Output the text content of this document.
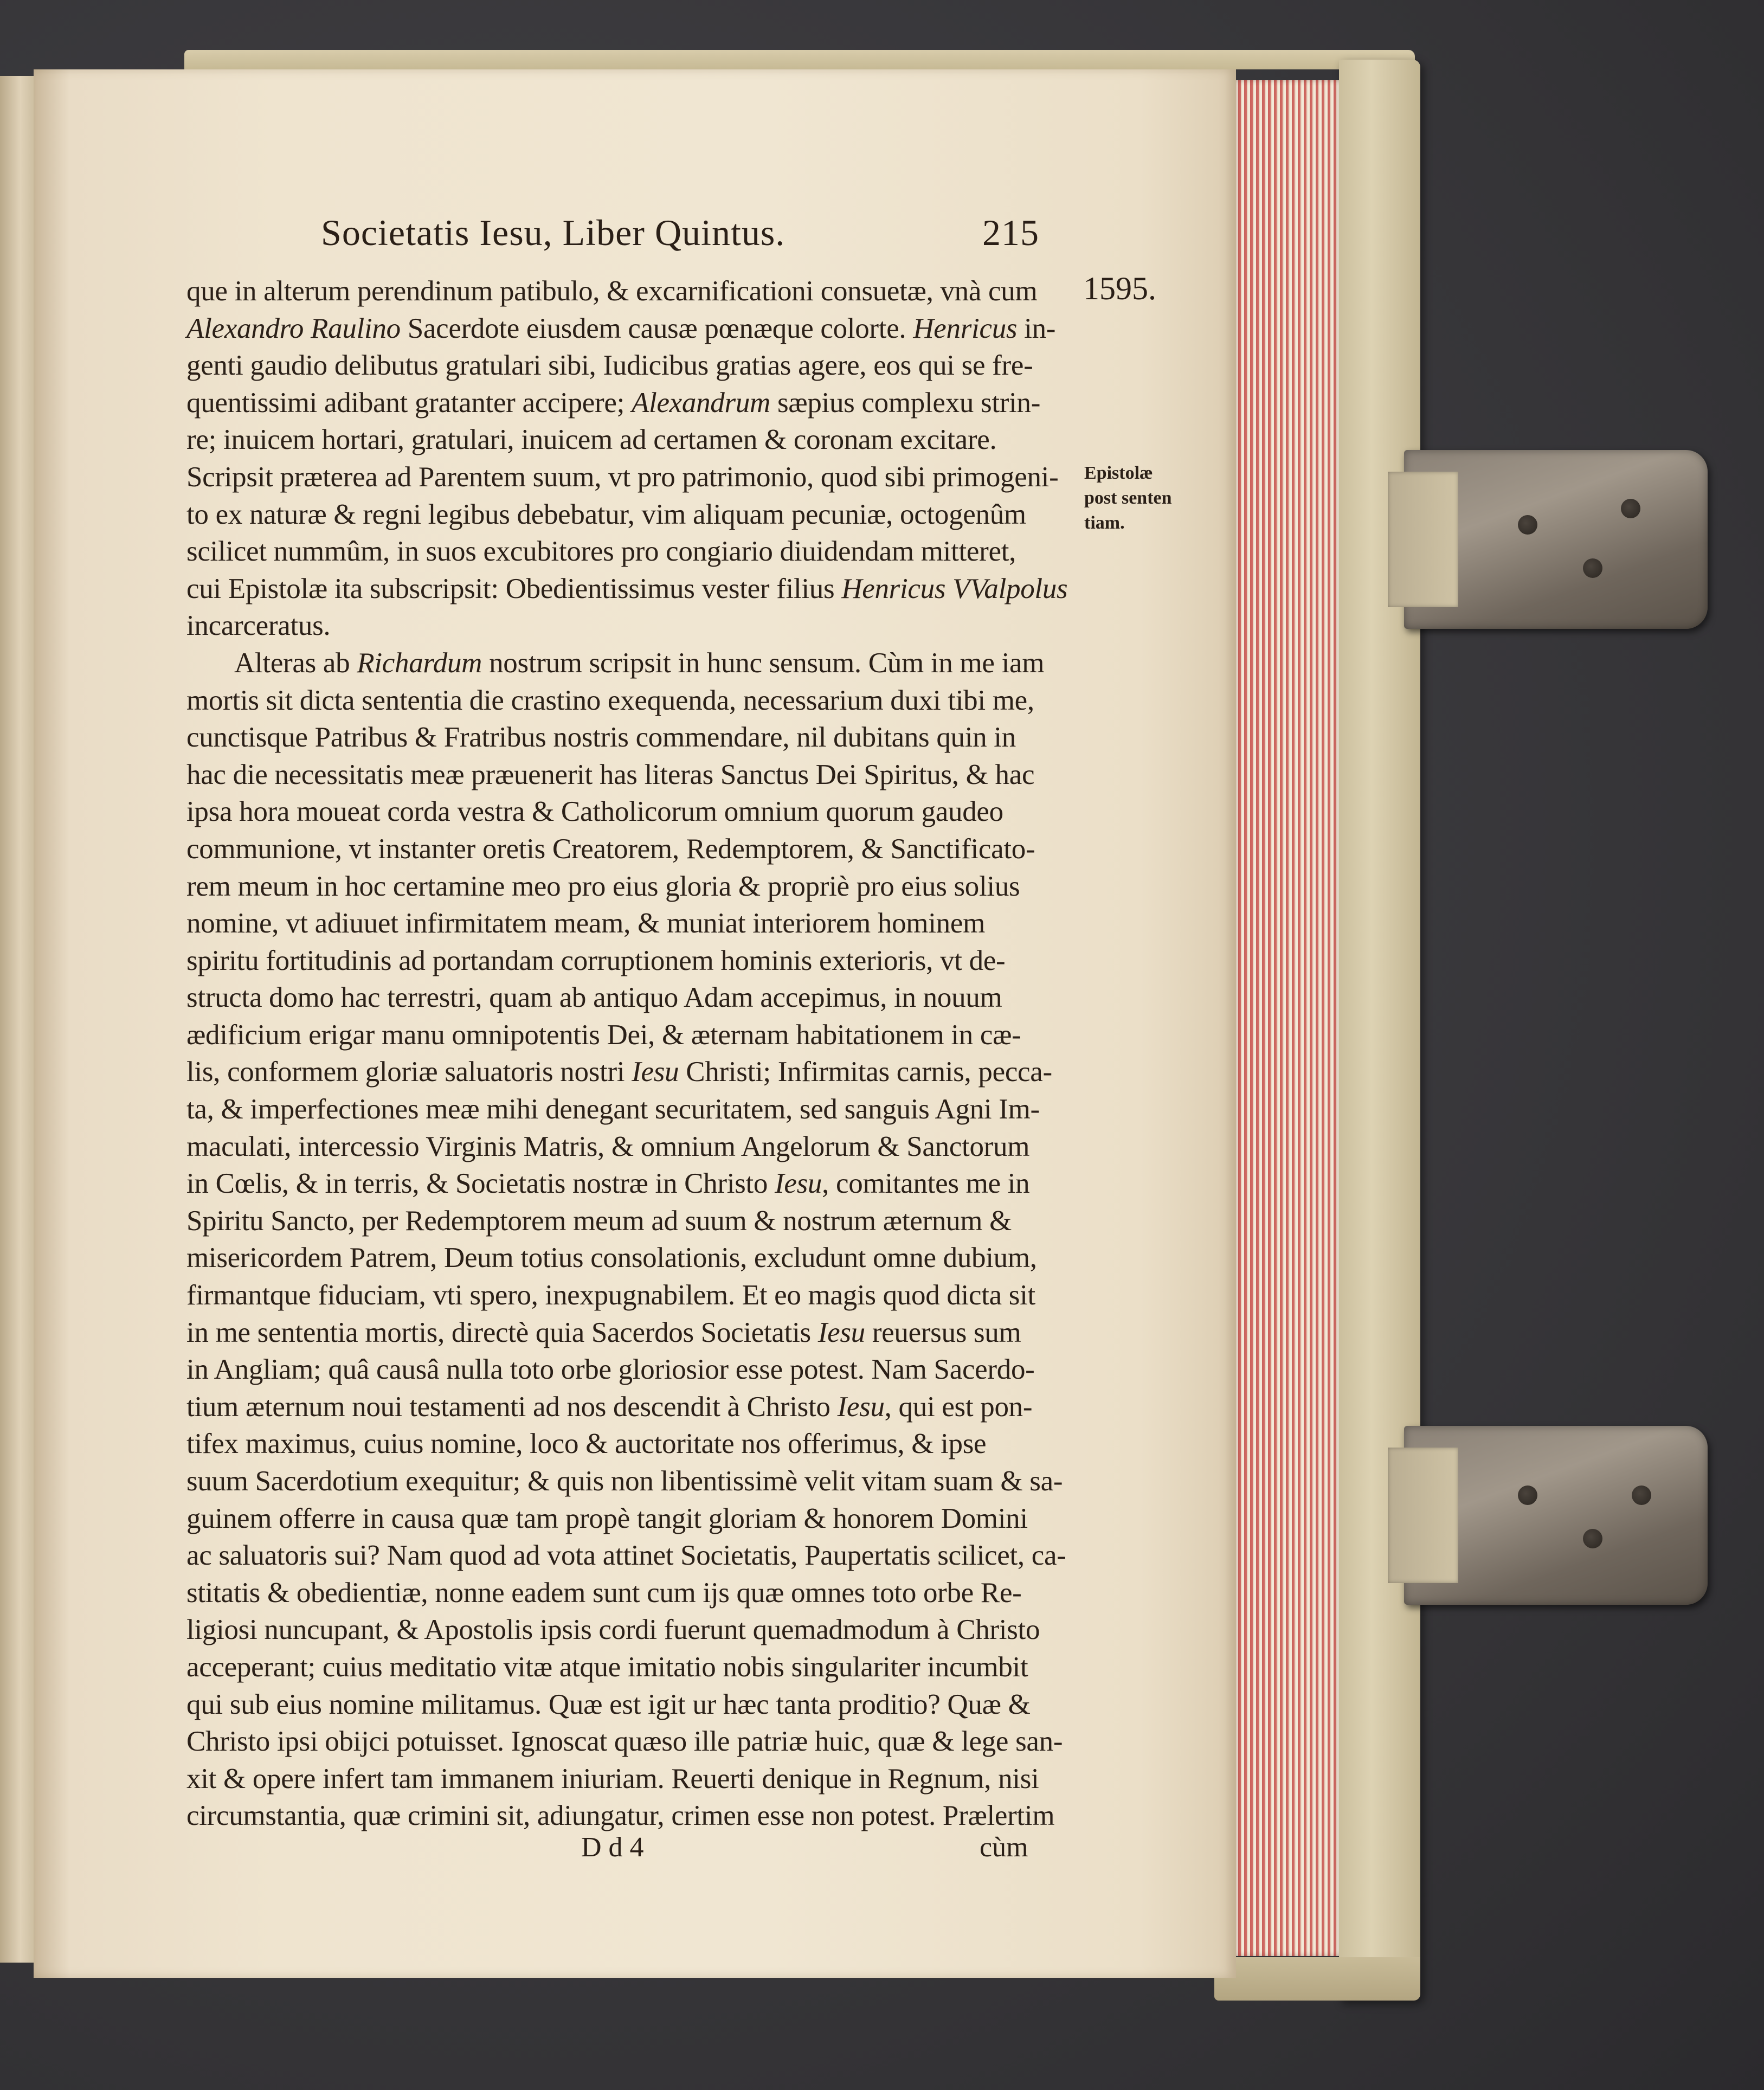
Societatis Iesu, Liber Quintus.	215
1595.
Epistolæ
post senten
tiam.
que in alterum perendinum patibulo, & excarnificationi consuetæ, vnà cum
Alexandro Raulino Sacerdote eiusdem causæ pœnæque colorte. Henricus in-
genti gaudio delibutus gratulari sibi, Iudicibus gratias agere, eos qui se fre-
quentissimi adibant gratanter accipere; Alexandrum sæpius complexu strin-
re; inuicem hortari, gratulari, inuicem ad certamen & coronam excitare.
Scripsit præterea ad Parentem suum, vt pro patrimonio, quod sibi primogeni-
to ex naturæ & regni legibus debebatur, vim aliquam pecuniæ, octogenûm
scilicet nummûm, in suos excubitores pro congiario diuidendam mitteret,
cui Epistolæ ita subscripsit: Obedientissimus vester filius Henricus VValpolus
incarceratus.
Alteras ab Richardum nostrum scripsit in hunc sensum. Cùm in me iam
mortis sit dicta sententia die crastino exequenda, necessarium duxi tibi me,
cunctisque Patribus & Fratribus nostris commendare, nil dubitans quin in
hac die necessitatis meæ præuenerit has literas Sanctus Dei Spiritus, & hac
ipsa hora moueat corda vestra & Catholicorum omnium quorum gaudeo
communione, vt instanter oretis Creatorem, Redemptorem, & Sanctificato-
rem meum in hoc certamine meo pro eius gloria & propriè pro eius solius
nomine, vt adiuuet infirmitatem meam, & muniat interiorem hominem
spiritu fortitudinis ad portandam corruptionem hominis exterioris, vt de-
structa domo hac terrestri, quam ab antiquo Adam accepimus, in nouum
ædificium erigar manu omnipotentis Dei, & æternam habitationem in cæ-
lis, conformem gloriæ saluatoris nostri Iesu Christi; Infirmitas carnis, pecca-
ta, & imperfectiones meæ mihi denegant securitatem, sed sanguis Agni Im-
maculati, intercessio Virginis Matris, & omnium Angelorum & Sanctorum
in Cœlis, & in terris, & Societatis nostræ in Christo Iesu, comitantes me in
Spiritu Sancto, per Redemptorem meum ad suum & nostrum æternum &
misericordem Patrem, Deum totius consolationis, excludunt omne dubium,
firmantque fiduciam, vti spero, inexpugnabilem. Et eo magis quod dicta sit
in me sententia mortis, directè quia Sacerdos Societatis Iesu reuersus sum
in Angliam; quâ causâ nulla toto orbe gloriosior esse potest. Nam Sacerdo-
tium æternum noui testamenti ad nos descendit à Christo Iesu, qui est pon-
tifex maximus, cuius nomine, loco & auctoritate nos offerimus, & ipse
suum Sacerdotium exequitur; & quis non libentissimè velit vitam suam & sa-
guinem offerre in causa quæ tam propè tangit gloriam & honorem Domini
ac saluatoris sui? Nam quod ad vota attinet Societatis, Paupertatis scilicet, ca-
stitatis & obedientiæ, nonne eadem sunt cum ijs quæ omnes toto orbe Re-
ligiosi nuncupant, & Apostolis ipsis cordi fuerunt quemadmodum à Christo
acceperant; cuius meditatio vitæ atque imitatio nobis singulariter incumbit
qui sub eius nomine militamus. Quæ est igit ur hæc tanta proditio? Quæ &
Christo ipsi obijci potuisset. Ignoscat quæso ille patriæ huic, quæ & lege san-
xit & opere infert tam immanem iniuriam. Reuerti denique in Regnum, nisi
circumstantia, quæ crimini sit, adiungatur, crimen esse non potest. Prælertim
D d 4	cùm
